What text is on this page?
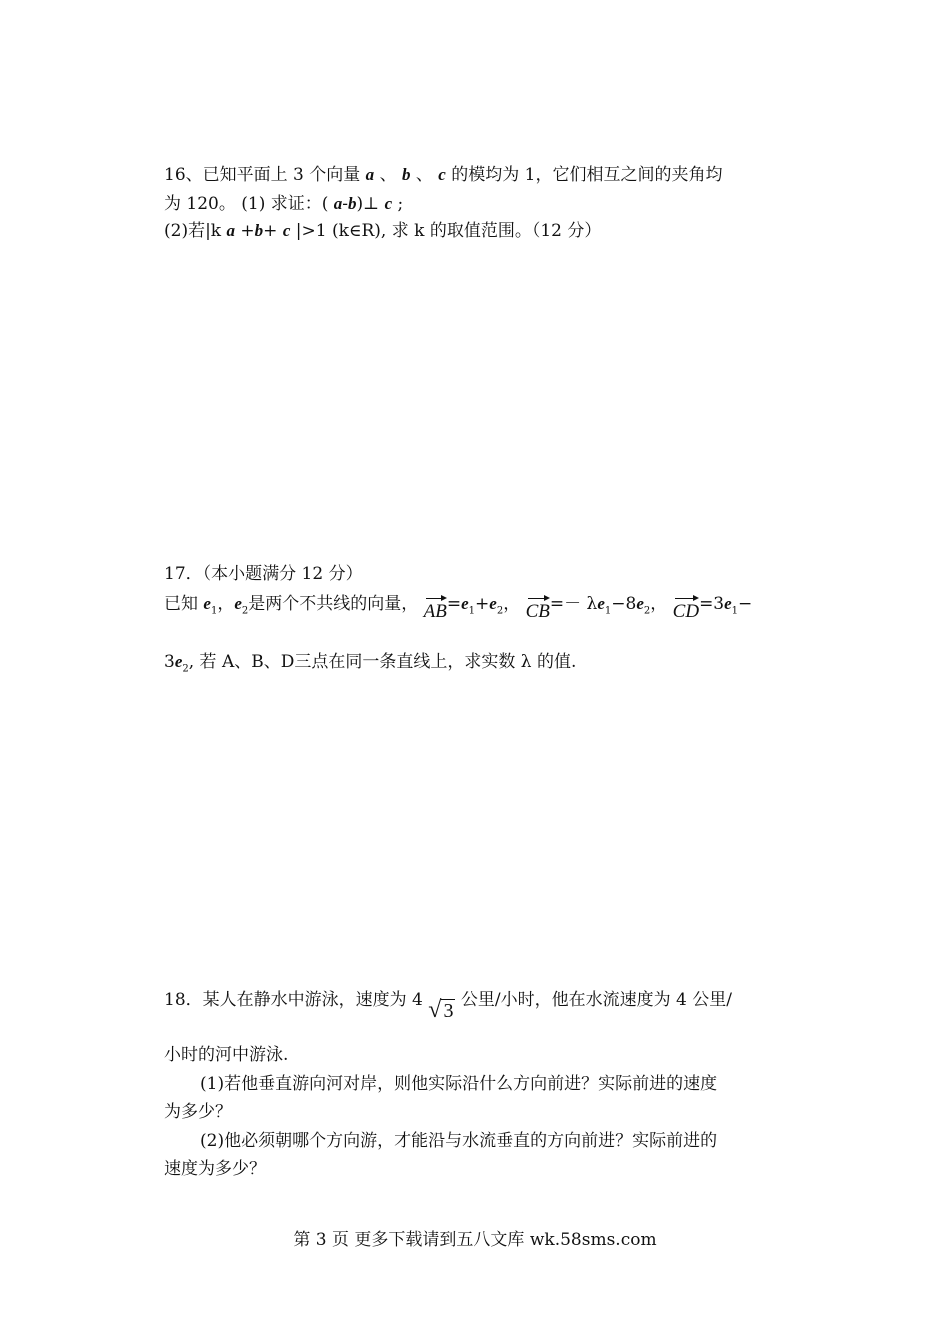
16、已知平面上 3 个向量 a 、 b 、 c 的模均为 1，它们相互之间的夹角均
为 120。 (1) 求证：( a-b)⊥ c ;
(2)若|k a +b+ c |>1 (k∈R), 求 k 的取值范围。（12 分）
17．（本小题满分 12 分）
已知 $e_1$，$e_2$是两个不共线的向量， $AB=e_1+e_2$， $CB=- \lambda e_1-8e_2$， $CD=3e_1-$
$3e_2$, 若 A、B、D三点在同一条直线上，求实数 λ 的值.
18．某人在静水中游泳，速度为 4 √ 3 公里/小时，他在水流速度为 4 公里/
小时的河中游泳.
(1)若他垂直游向河对岸，则他实际沿什么方向前进？实际前进的速度
为多少？
(2)他必须朝哪个方向游，才能沿与水流垂直的方向前进？实际前进的
速度为多少？
第 3 页 更多下载请到五八文库 wk.58sms.com
